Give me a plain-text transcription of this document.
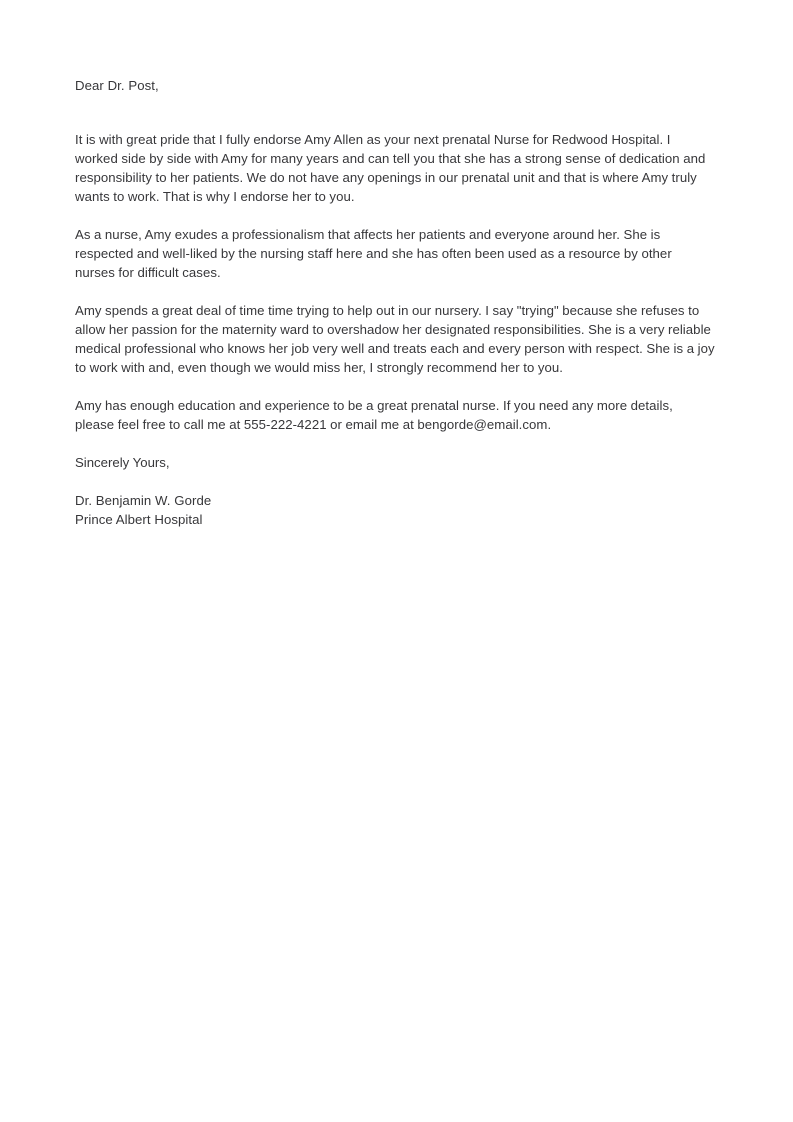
Dear Dr. Post,

It is with great pride that I fully endorse Amy Allen as your next prenatal Nurse for Redwood Hospital. I worked side by side with Amy for many years and can tell you that she has a strong sense of dedication and responsibility to her patients. We do not have any openings in our prenatal unit and that is where Amy truly wants to work. That is why I endorse her to you.

As a nurse, Amy exudes a professionalism that affects her patients and everyone around her. She is respected and well-liked by the nursing staff here and she has often been used as a resource by other nurses for difficult cases.

Amy spends a great deal of time time trying to help out in our nursery. I say "trying" because she refuses to allow her passion for the maternity ward to overshadow her designated responsibilities. She is a very reliable medical professional who knows her job very well and treats each and every person with respect. She is a joy to work with and, even though we would miss her, I strongly recommend her to you.

Amy has enough education and experience to be a great prenatal nurse. If you need any more details, please feel free to call me at 555-222-4221 or email me at bengorde@email.com.

Sincerely Yours,
Dr. Benjamin W. Gorde
Prince Albert Hospital
